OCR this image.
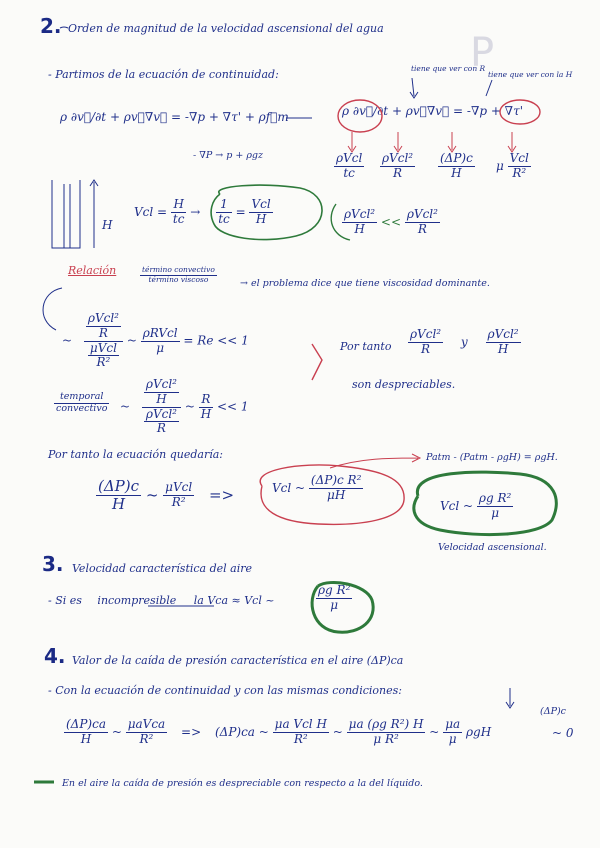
P
2. Orden de magnitud de la velocidad ascensional del agua
- Partimos de la ecuación de continuidad:	tiene que ver con R
tiene que ver con la H
ρ ∂v⃗/∂t + ρv⃗∇v⃗ = -∇p + ∇τ' + ρf⃗m	ρ ∂v⃗/∂t + ρv⃗∇v⃗ = -∇p + ∇τ'
- ∇P → p + ρgz	$\frac{\text{ρVcl}}{tc} \frac{\text{ρVcl²}}{R} \frac{(\Delta P)c}{H}$ μ $\frac{\text{Vcl}}{\text{R²}}$
H
Vcl = $\frac{H}{tc} \to \frac{1}{tc} = \frac{\text{Vcl}}{H}$	$\frac{\text{ρVcl²}}{H} << \frac{\text{ρVcl²}}{R}$
Relación	$\frac{\text{término convectivo}}{\text{término viscoso}}$ → el problema dice que tiene viscosidad dominante.
~ $\frac{\frac{\text{ρVcl²}}{R}}{\frac{\text{μVcl}}{\text{R²}}}$ ~ $\frac{\text{ρRVcl}}{\mu} = Re << 1$	Por tanto $\frac{\text{ρVcl²}}{R}$ y $\frac{\text{ρVcl²}}{H}$
son despreciables.
$\frac{\text{temporal}}{\text{convectivo}}$ ~ $\frac{\frac{\text{ρVcl²}}{H}}{\frac{\text{ρVcl²}}{R}}$ ~ $\frac{R}{H} << 1$
Por tanto la ecuación quedaría:	Patm - (Patm - ρgH) = ρgH.
$\frac{(\Delta P)c}{H}$ ~ $\frac{\text{μVcl}}{\text{R²}}$ =>	Vcl ~ $\frac{\text{(ΔP)c R²}}{\mu H}$
Vcl ~ $\frac{\text{ρg R²}}{\mu}$
Velocidad ascensional.
3. Velocidad característica del aire
- Si es incompresible la Vca ≈ Vcl ~	$\frac{\text{ρg R²}}{\mu}$
4. Valor de la caída de presión característica en el aire (ΔP)ca
- Con la ecuación de continuidad y con las mismas condiciones:
$\frac{(\Delta P)ca}{H}$ ~ $\frac{\text{μaVca}}{\text{R²}} => (\Delta P)ca$ ~ $\frac{\text{μa Vcl H}}{\text{R²}}$ ~ $\frac{\text{μa (ρg R²) H}}{\text{μ R²}}$ ~ $\frac{\mu a}{\mu}$ ρgH
(ΔP)c
~ 0
En el aire la caída de presión es despreciable con respecto a la del líquido.
